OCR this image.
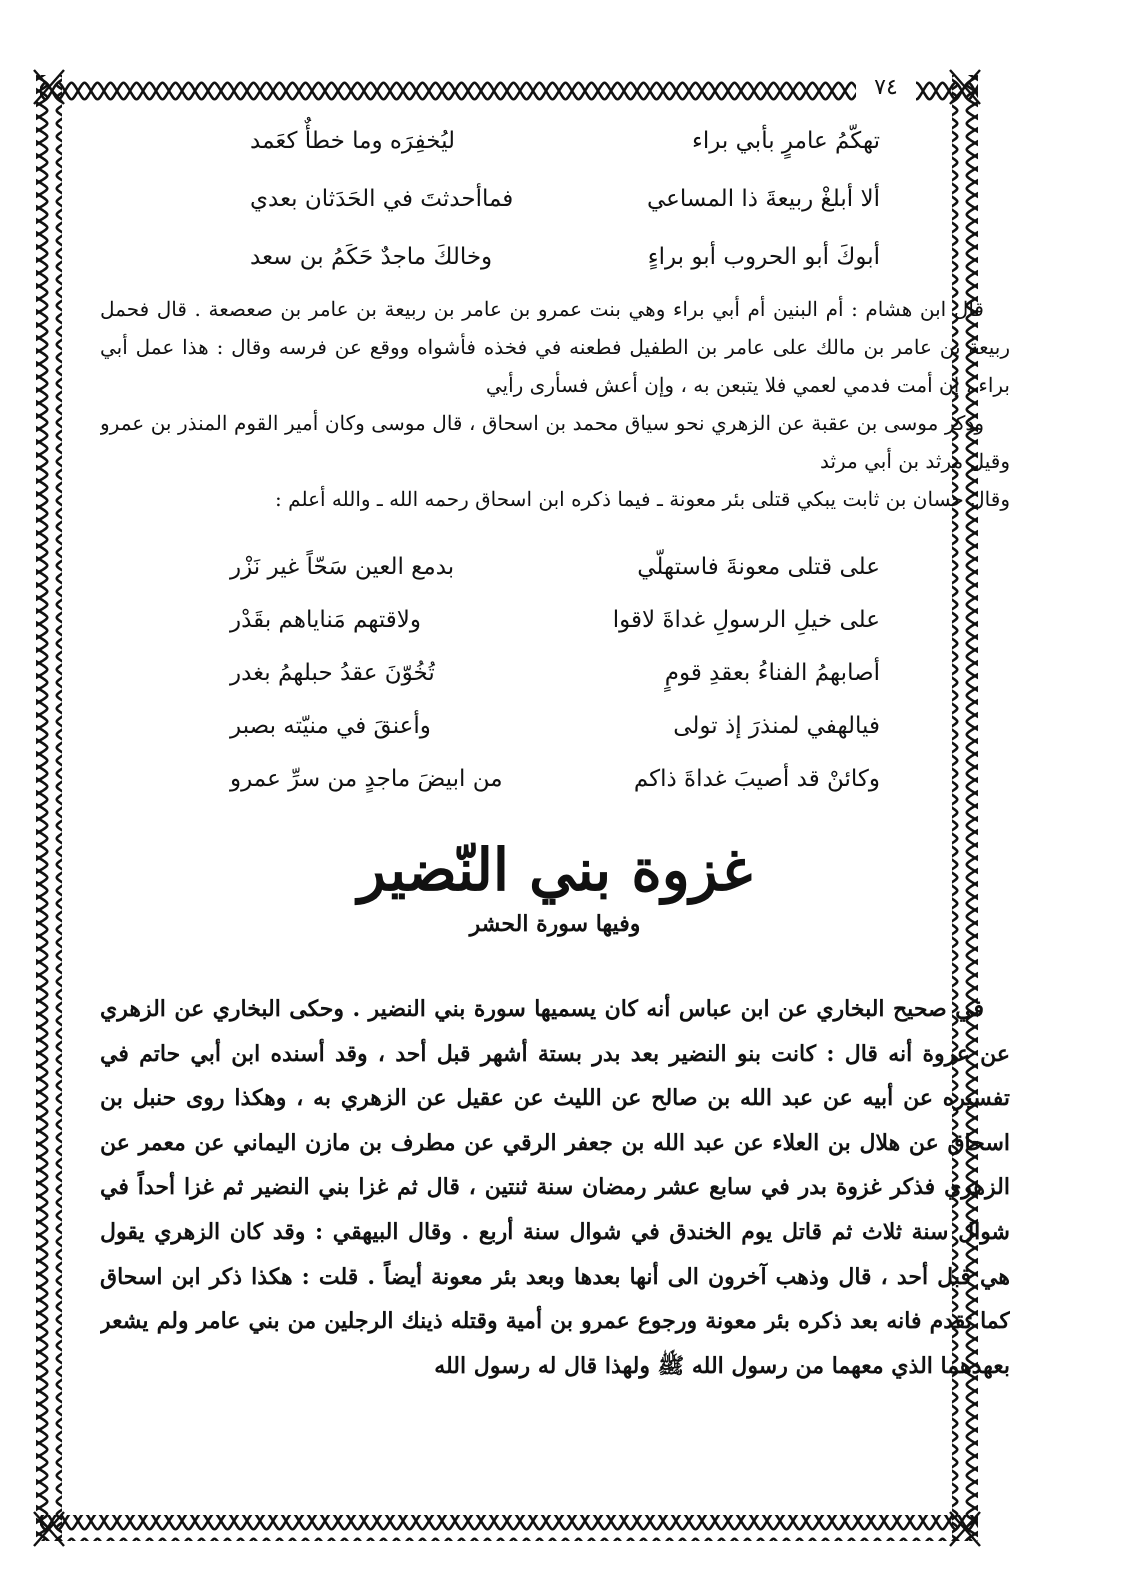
٧٤
تهكّمُ عامرٍ بأبي براء
ليُخفِرَه وما خطأٌ كعَمد
ألا أبلغْ ربيعةَ ذا المساعي
فماأحدثتَ في الحَدَثان بعدي
أبوكَ أبو الحروب أبو براءٍ
وخالكَ ماجدٌ حَكَمُ بن سعد

قال ابن هشام : أم البنين أم أبي براء وهي بنت عمرو بن عامر بن ربيعة بن عامر بن صعصعة . قال فحمل ربيعة بن عامر بن مالك على عامر بن الطفيل فطعنه في فخذه فأشواه ووقع عن فرسه وقال : هذا عمل أبي براء ، إن أمت فدمي لعمي فلا يتبعن به ، وإن أعش فسأرى رأيي

وذكر موسى بن عقبة عن الزهري نحو سياق محمد بن اسحاق ، قال موسى وكان أمير القوم المنذر بن عمرو وقيل مرثد بن أبي مرثد

وقال حسان بن ثابت يبكي قتلى بئر معونة ـ فيما ذكره ابن اسحاق رحمه الله ـ والله أعلم :

على قتلى معونةَ فاستهلّي
بدمع العين سَحّاً غير نَزْر
على خيلِ الرسولِ غداةَ لاقوا
ولاقتهم مَناياهم بقَدْر
أصابهمُ الفناءُ بعقدِ قومٍ
تُخُوّنَ عقدُ حبلهمُ بغدر
فيالهفي لمنذرَ إذ تولى
وأعنقَ في منيّته بصبر
وكائنْ قد أصيبَ غداةَ ذاكم
من ابيضَ ماجدٍ من سرِّ عمرو
غزوة بني النّضير
وفيها سورة الحشر

في صحيح البخاري عن ابن عباس أنه كان يسميها سورة بني النضير . وحكى البخاري عن الزهري عن عروة أنه قال : كانت بنو النضير بعد بدر بستة أشهر قبل أحد ، وقد أسنده ابن أبي حاتم في تفسيره عن أبيه عن عبد الله بن صالح عن الليث عن عقيل عن الزهري به ، وهكذا روى حنبل بن اسحاق عن هلال بن العلاء عن عبد الله بن جعفر الرقي عن مطرف بن مازن اليماني عن معمر عن الزهري فذكر غزوة بدر في سابع عشر رمضان سنة ثنتين ، قال ثم غزا بني النضير ثم غزا أحداً في شوال سنة ثلاث ثم قاتل يوم الخندق في شوال سنة أربع . وقال البيهقي : وقد كان الزهري يقول هي قبل أحد ، قال وذهب آخرون الى أنها بعدها وبعد بئر معونة أيضاً . قلت : هكذا ذكر ابن اسحاق كما تقدم فانه بعد ذكره بئر معونة ورجوع عمرو بن أمية وقتله ذينك الرجلين من بني عامر ولم يشعر بعهدهما الذي معهما من رسول الله ﷺ ولهذا قال له رسول الله
